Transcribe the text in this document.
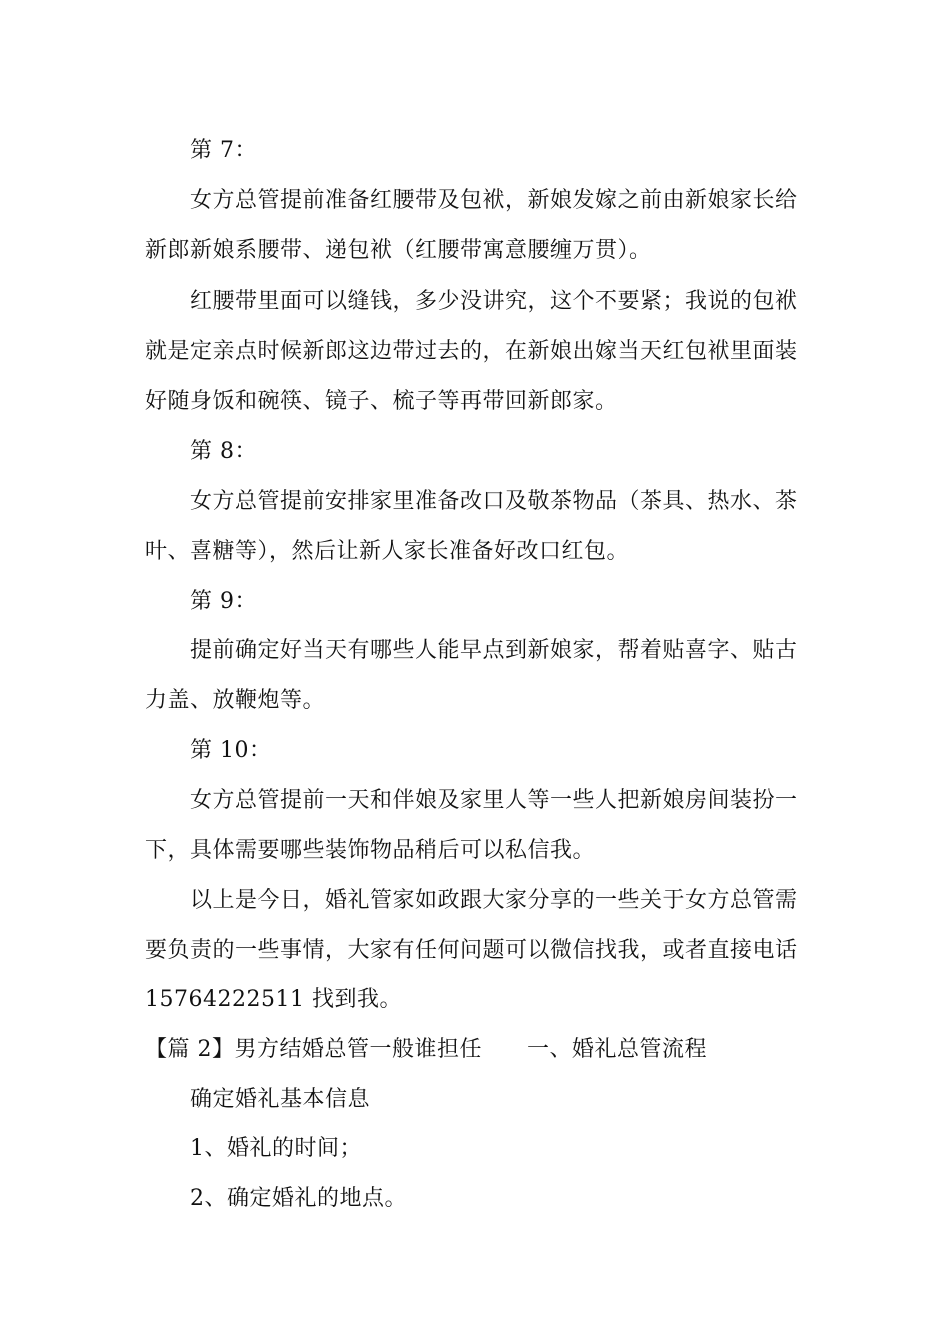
第 7：
女方总管提前准备红腰带及包袱，新娘发嫁之前由新娘家长给
新郎新娘系腰带、递包袱（红腰带寓意腰缠万贯）。
红腰带里面可以缝钱，多少没讲究，这个不要紧；我说的包袱
就是定亲点时候新郎这边带过去的，在新娘出嫁当天红包袱里面装
好随身饭和碗筷、镜子、梳子等再带回新郎家。
第 8：
女方总管提前安排家里准备改口及敬茶物品（茶具、热水、茶
叶、喜糖等），然后让新人家长准备好改口红包。
第 9：
提前确定好当天有哪些人能早点到新娘家，帮着贴喜字、贴古
力盖、放鞭炮等。
第 10：
女方总管提前一天和伴娘及家里人等一些人把新娘房间装扮一
下，具体需要哪些装饰物品稍后可以私信我。
以上是今日，婚礼管家如政跟大家分享的一些关于女方总管需
要负责的一些事情，大家有任何问题可以微信找我，或者直接电话
15764222511 找到我。
【篇 2】男方结婚总管一般谁担任　　一、婚礼总管流程
确定婚礼基本信息
1、婚礼的时间；
2、确定婚礼的地点。
